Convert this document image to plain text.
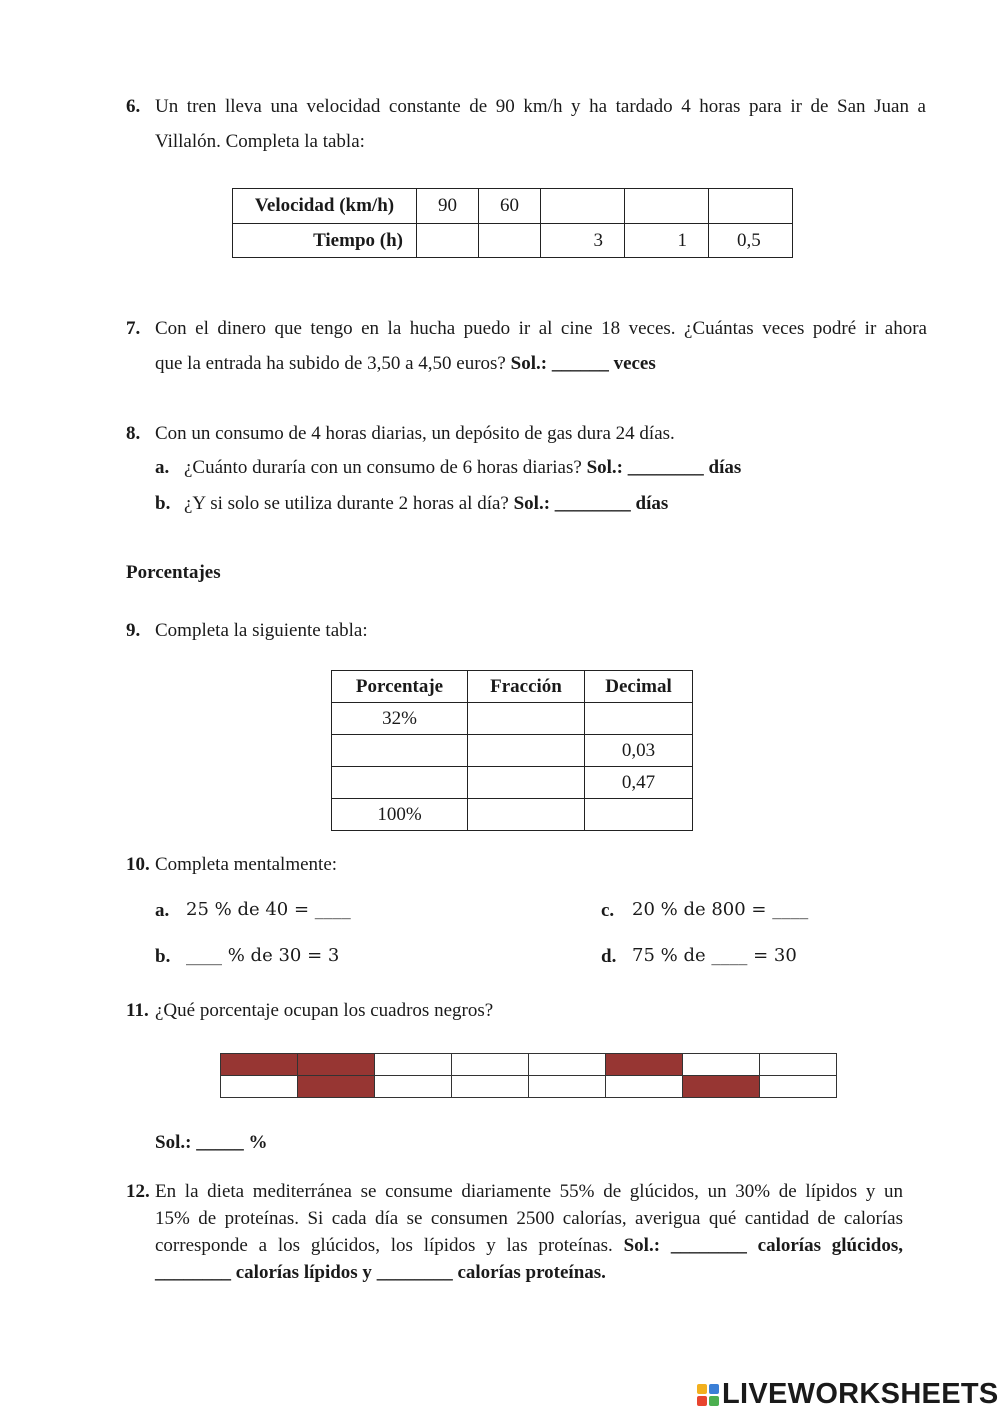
6. Un tren lleva una velocidad constante de 90 km/h y ha tardado 4 horas para ir de San Juan a
Villalón. Completa la tabla:
Velocidad (km/h)	90	60			
Tiempo (h)			3	1	0,5
7. Con el dinero que tengo en la hucha puedo ir al cine 18 veces. ¿Cuántas veces podré ir ahora
que la entrada ha subido de 3,50 a 4,50 euros? Sol.: ______ veces
8. Con un consumo de 4 horas diarias, un depósito de gas dura 24 días.
a. ¿Cuánto duraría con un consumo de 6 horas diarias? Sol.: ________ días
b. ¿Y si solo se utiliza durante 2 horas al día? Sol.: ________ días
Porcentajes
9. Completa la siguiente tabla:
Porcentaje	Fracción	Decimal
32%		
		0,03
		0,47
100%		
10. Completa mentalmente:
a. 25 % de 40 = ____
b. ____ % de 30 = 3
c. 20 % de 800 = ____
d. 75 % de ____ = 30
11. ¿Qué porcentaje ocupan los cuadros negros?

Sol.: _____ %
12. En la dieta mediterránea se consume diariamente 55% de glúcidos, un 30% de lípidos y un
15% de proteínas. Si cada día se consumen 2500 calorías, averigua qué cantidad de calorías
corresponde a los glúcidos, los lípidos y las proteínas. Sol.: ________ calorías glúcidos,
________ calorías lípidos y ________ calorías proteínas.
LIVEWORKSHEETS
